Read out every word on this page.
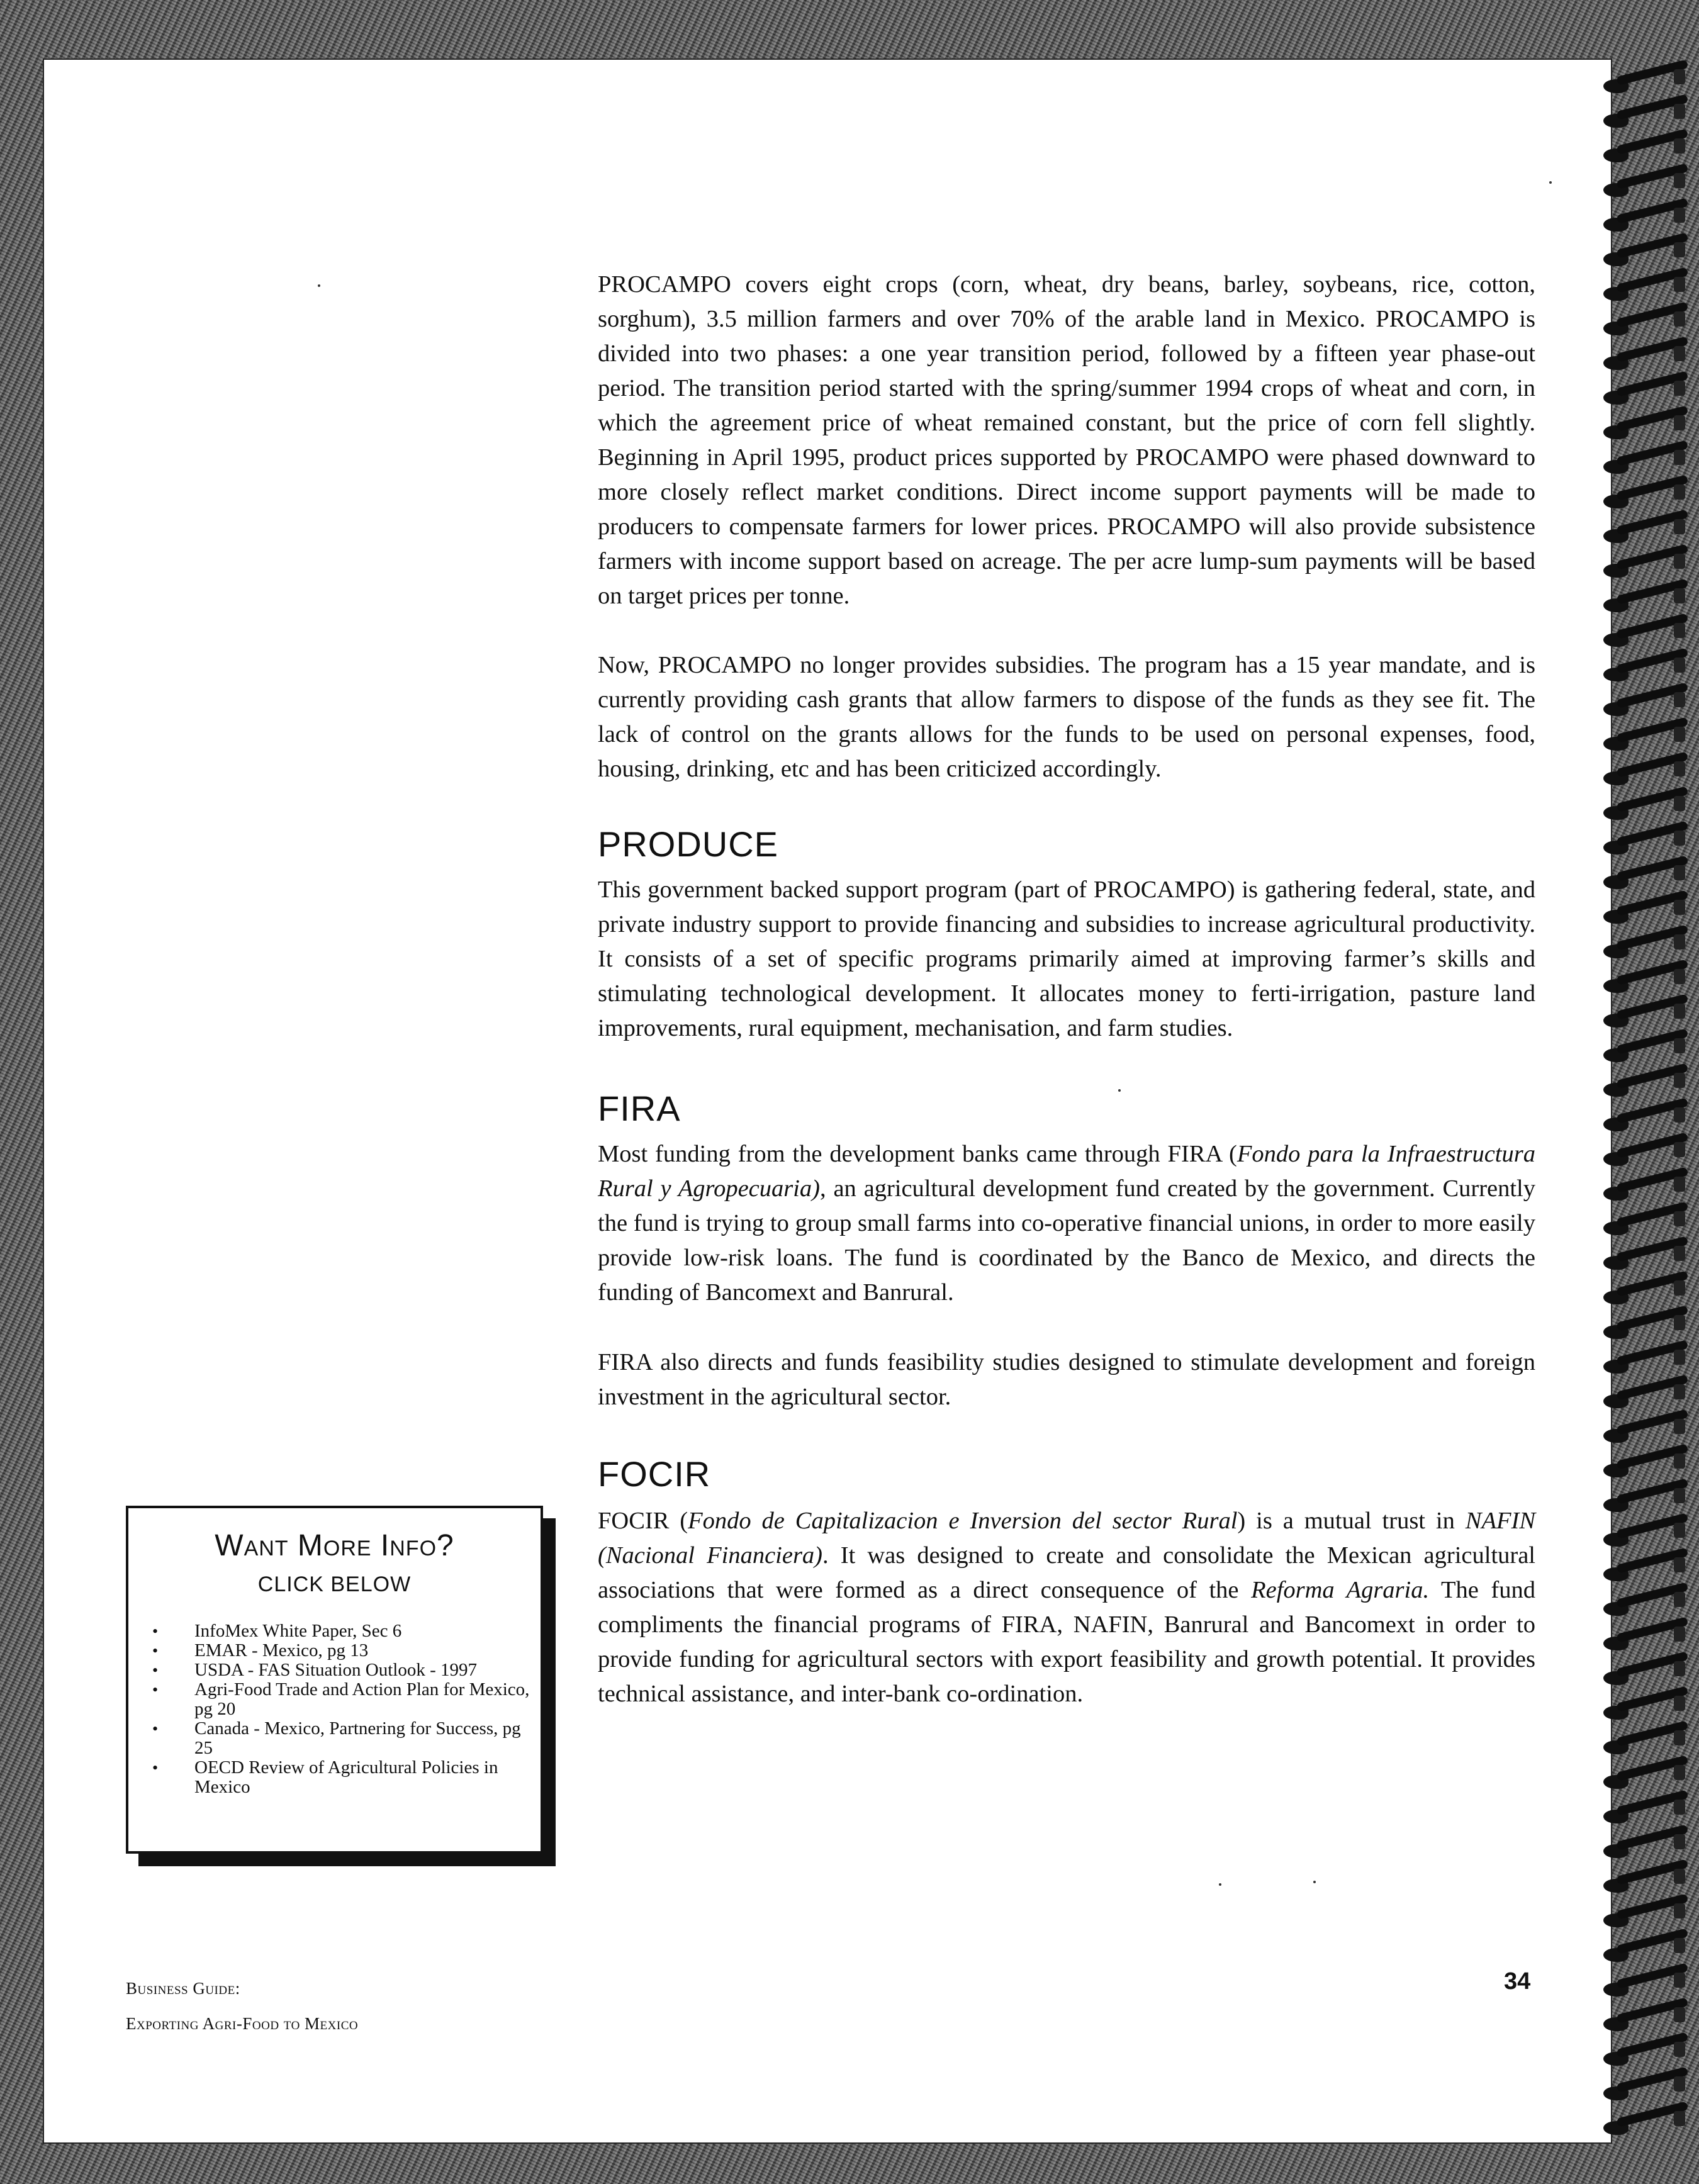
PROCAMPO covers eight crops (corn, wheat, dry beans, barley, soybeans, rice, cotton, sorghum), 3.5 million farmers and over 70% of the arable land in Mexico. PROCAMPO is divided into two phases: a one year transition period, followed by a fifteen year phase-out period. The transition period started with the spring/summer 1994 crops of wheat and corn, in which the agreement price of wheat remained constant, but the price of corn fell slightly. Beginning in April 1995, product prices supported by PROCAMPO were phased downward to more closely reflect market conditions. Direct income support payments will be made to producers to compensate farmers for lower prices. PROCAMPO will also provide subsistence farmers with income support based on acreage. The per acre lump-sum payments will be based on target prices per tonne.

Now, PROCAMPO no longer provides subsidies. The program has a 15 year mandate, and is currently providing cash grants that allow farmers to dispose of the funds as they see fit. The lack of control on the grants allows for the funds to be used on personal expenses, food, housing, drinking, etc and has been criticized accordingly.

PRODUCE

This government backed support program (part of PROCAMPO) is gathering federal, state, and private industry support to provide financing and subsidies to increase agricultural productivity. It consists of a set of specific programs primarily aimed at improving farmer’s skills and stimulating technological development. It allocates money to ferti-irrigation, pasture land improvements, rural equipment, mechanisation, and farm studies.

FIRA

Most funding from the development banks came through FIRA (Fondo para la Infraestructura Rural y Agropecuaria), an agricultural development fund created by the government. Currently the fund is trying to group small farms into co-operative financial unions, in order to more easily provide low-risk loans. The fund is coordinated by the Banco de Mexico, and directs the funding of Bancomext and Banrural.

FIRA also directs and funds feasibility studies designed to stimulate development and foreign investment in the agricultural sector.

FOCIR

FOCIR (Fondo de Capitalizacion e Inversion del sector Rural) is a mutual trust in NAFIN (Nacional Financiera). It was designed to create and consolidate the Mexican agricultural associations that were formed as a direct consequence of the Reforma Agraria. The fund compliments the financial programs of FIRA, NAFIN, Banrural and Bancomext in order to provide funding for agricultural sectors with export feasibility and growth potential. It provides technical assistance, and inter-bank co-ordination.

Want More Info?
CLICK BELOW
• InfoMex White Paper, Sec 6
• EMAR - Mexico, pg 13
• USDA - FAS Situation Outlook - 1997
• Agri-Food Trade and Action Plan for Mexico, pg 20
• Canada - Mexico, Partnering for Success, pg 25
• OECD Review of Agricultural Policies in Mexico
Business Guide:
Exporting Agri-Food to Mexico
34
